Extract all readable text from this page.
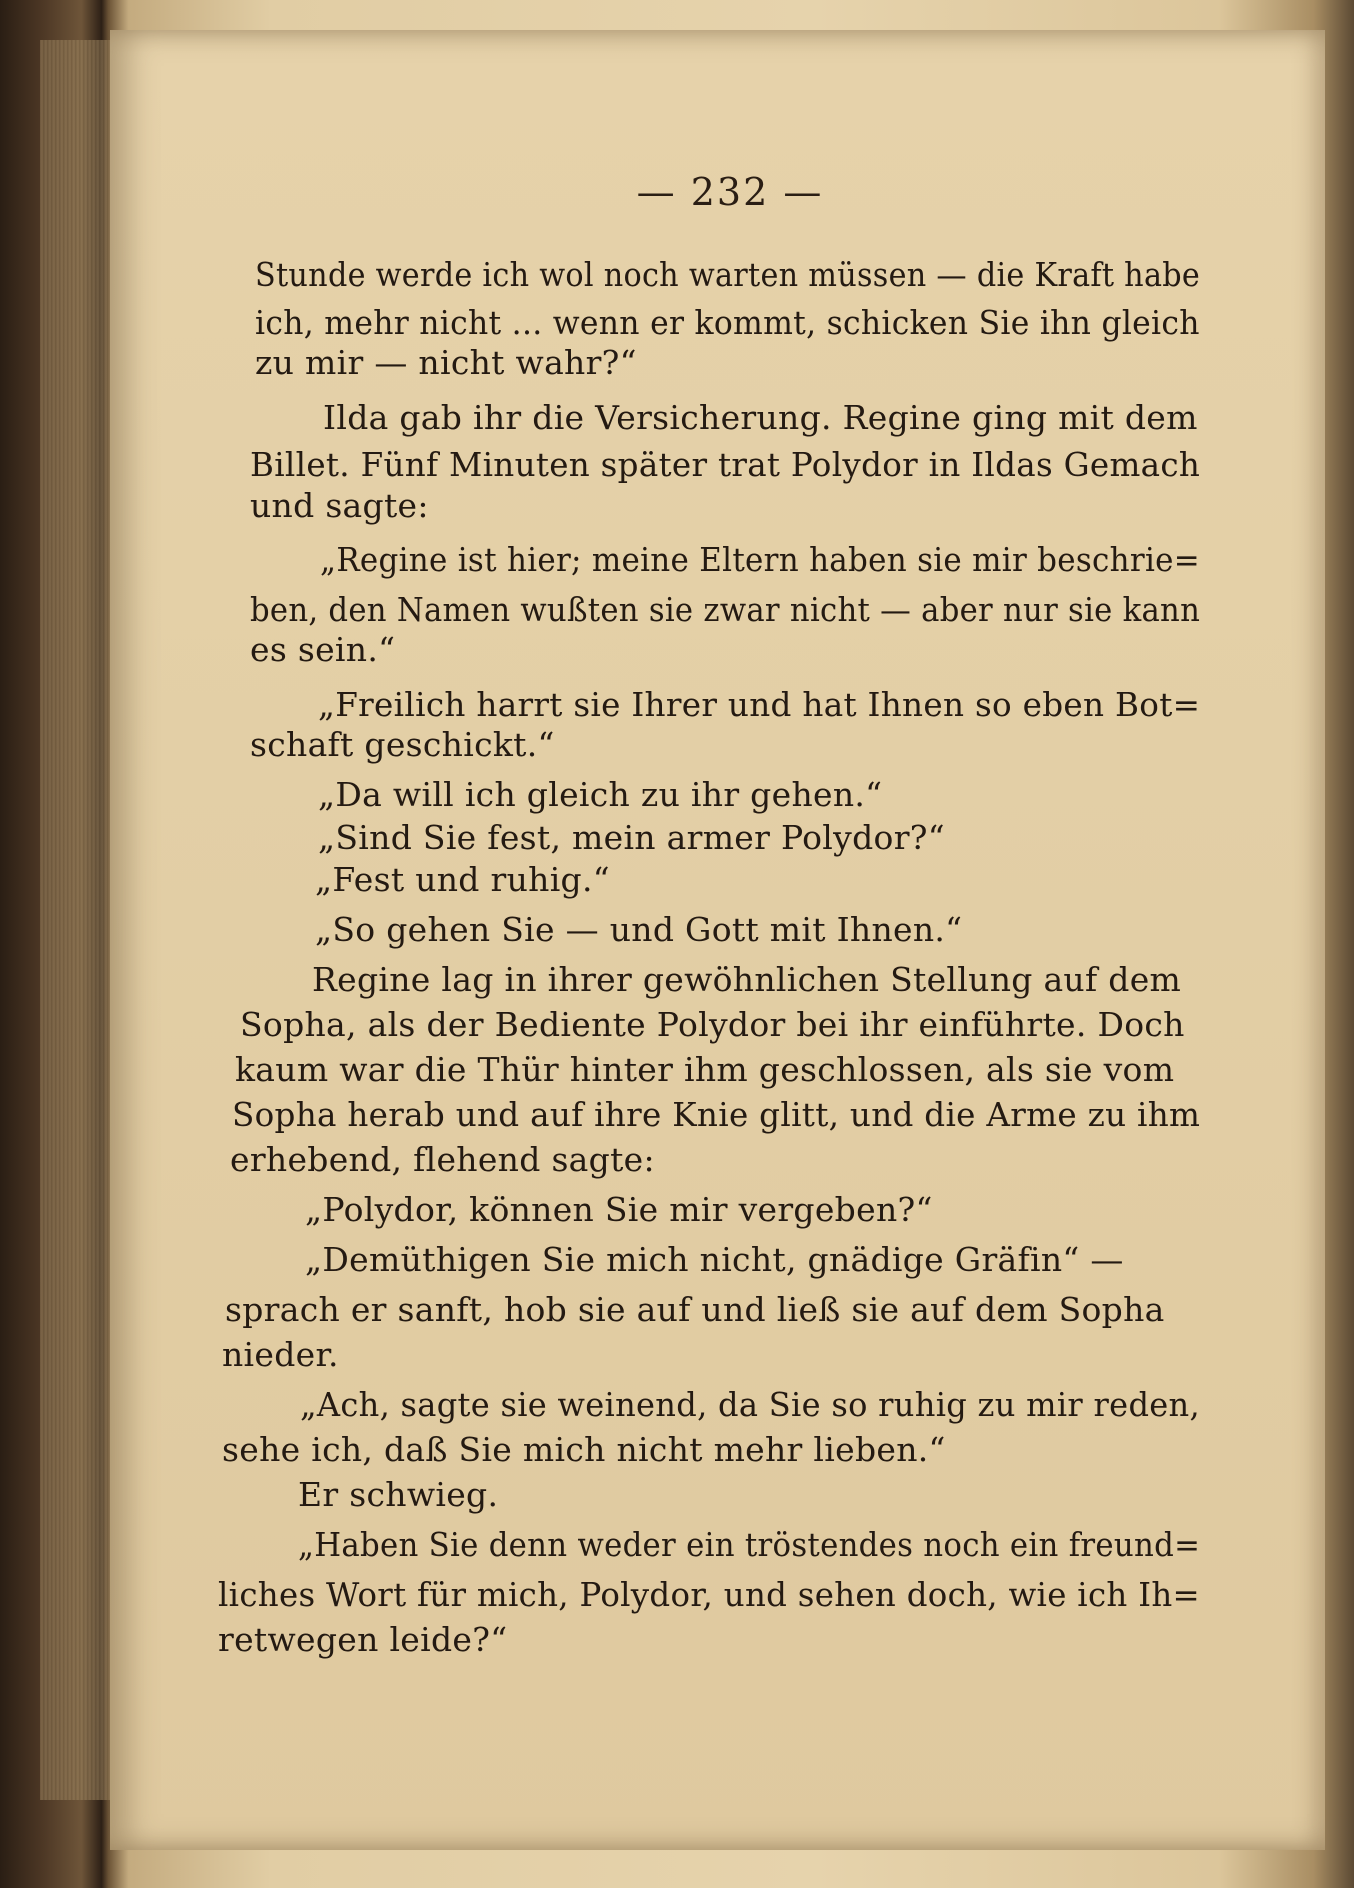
— 232 —
Stunde werde ich wol noch warten müssen — die Kraft habe
ich, mehr nicht ... wenn er kommt, schicken Sie ihn gleich
zu mir — nicht wahr?“
Ilda gab ihr die Versicherung. Regine ging mit dem
Billet. Fünf Minuten später trat Polydor in Ildas Gemach
und sagte:
„Regine ist hier; meine Eltern haben sie mir beschrie=
ben, den Namen wußten sie zwar nicht — aber nur sie kann
es sein.“
„Freilich harrt sie Ihrer und hat Ihnen so eben Bot=
schaft geschickt.“
„Da will ich gleich zu ihr gehen.“
„Sind Sie fest, mein armer Polydor?“
„Fest und ruhig.“
„So gehen Sie — und Gott mit Ihnen.“
Regine lag in ihrer gewöhnlichen Stellung auf dem
Sopha, als der Bediente Polydor bei ihr einführte. Doch
kaum war die Thür hinter ihm geschlossen, als sie vom
Sopha herab und auf ihre Knie glitt, und die Arme zu ihm
erhebend, flehend sagte:
„Polydor, können Sie mir vergeben?“
„Demüthigen Sie mich nicht, gnädige Gräfin“ —
sprach er sanft, hob sie auf und ließ sie auf dem Sopha
nieder.
„Ach, sagte sie weinend, da Sie so ruhig zu mir reden,
sehe ich, daß Sie mich nicht mehr lieben.“
Er schwieg.
„Haben Sie denn weder ein tröstendes noch ein freund=
liches Wort für mich, Polydor, und sehen doch, wie ich Ih=
retwegen leide?“
